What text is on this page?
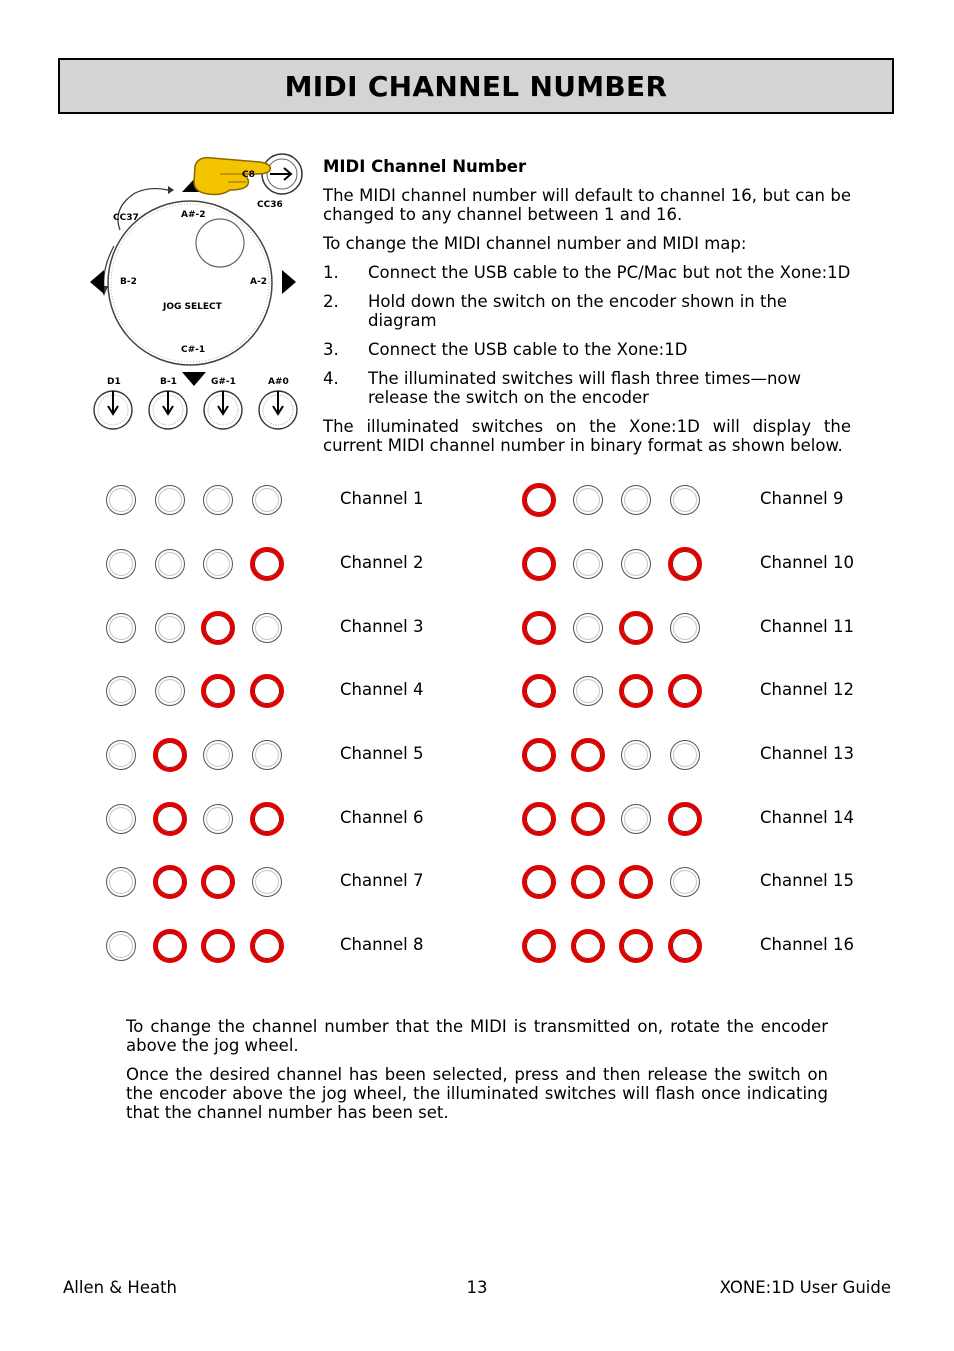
MIDI CHANNEL NUMBER
C8
CC36
CC37	A#-2
B-2	A-2
JOG SELECT
C#-1
D1	B-1	G#-1	A#0

MIDI Channel Number

The MIDI channel number will default to channel 16, but can be changed to any channel between 1 and 16.

To change the MIDI channel number and MIDI map:

1.	Connect the USB cable to the PC/Mac but not the Xone:1D
2.	Hold down the switch on the encoder shown in the diagram
3.	Connect the USB cable to the Xone:1D
4.	The illuminated switches will flash three times—now release the switch on the encoder

The illuminated switches on the Xone:1D will display the current MIDI channel number in binary format as shown below.

Channel 1
Channel 2
Channel 3
Channel 4
Channel 5
Channel 6
Channel 7
Channel 8
Channel 9
Channel 10
Channel 11
Channel 12
Channel 13
Channel 14
Channel 15
Channel 16

To change the channel number that the MIDI is transmitted on, rotate the encoder above the jog wheel.

Once the desired channel has been selected, press and then release the switch on the encoder above the jog wheel, the illuminated switches will flash once indicating that the channel number has been set.

Allen & Heath	13	XONE:1D User Guide
